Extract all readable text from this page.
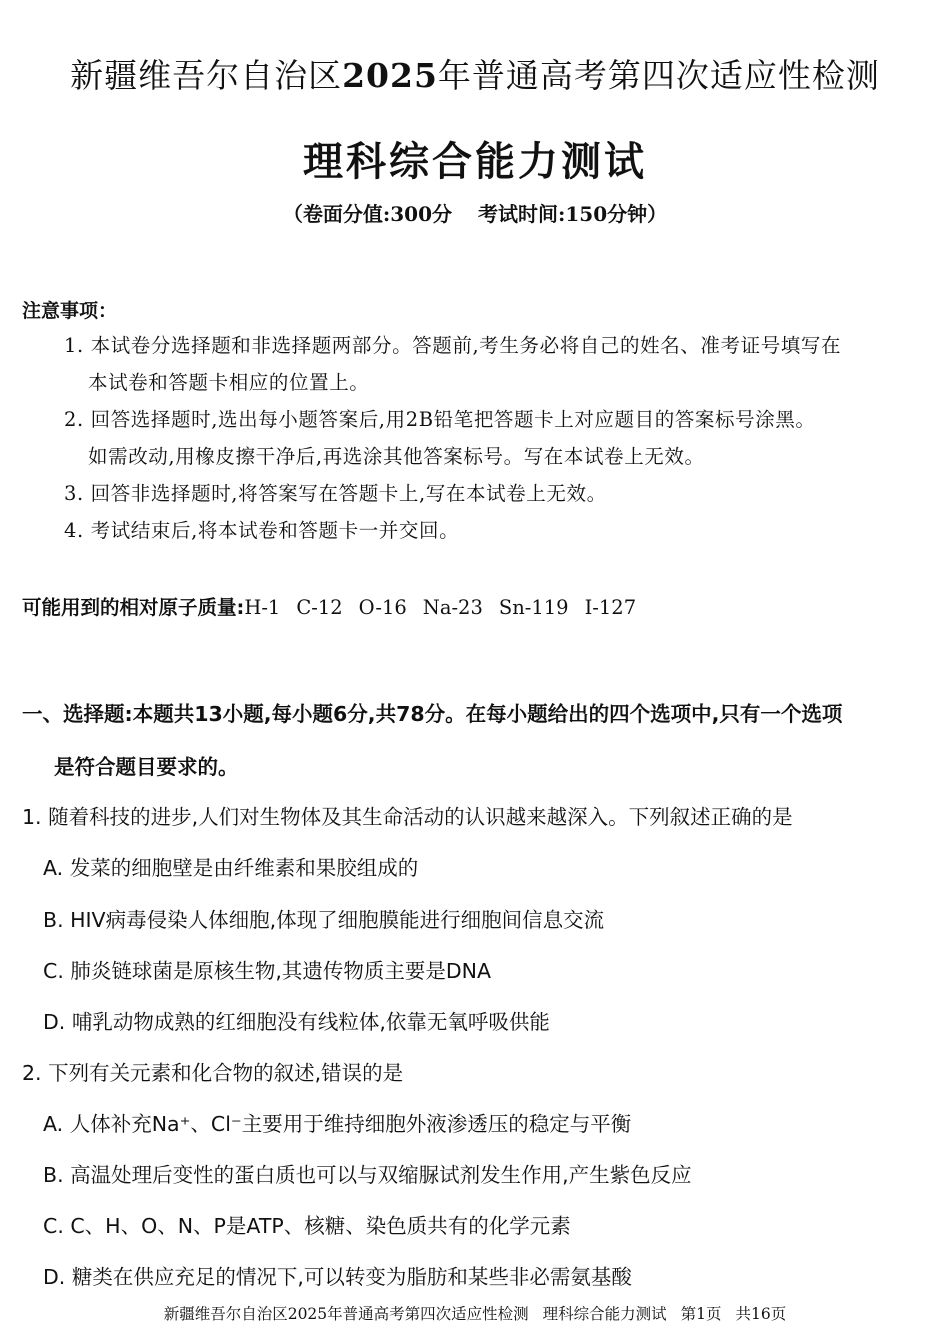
新疆维吾尔自治区2025年普通高考第四次适应性检测
理科综合能力测试
（卷面分值:300分 考试时间:150分钟）
注意事项：
1. 本试卷分选择题和非选择题两部分。答题前,考生务必将自己的姓名、准考证号填写在
本试卷和答题卡相应的位置上。
2. 回答选择题时,选出每小题答案后,用2B铅笔把答题卡上对应题目的答案标号涂黑。
如需改动,用橡皮擦干净后,再选涂其他答案标号。写在本试卷上无效。
3. 回答非选择题时,将答案写在答题卡上,写在本试卷上无效。
4. 考试结束后,将本试卷和答题卡一并交回。
可能用到的相对原子质量:H-1 C-12 O-16 Na-23 Sn-119 I-127
一、选择题:本题共13小题,每小题6分,共78分。在每小题给出的四个选项中,只有一个选项
是符合题目要求的。
1. 随着科技的进步,人们对生物体及其生命活动的认识越来越深入。下列叙述正确的是
A. 发菜的细胞壁是由纤维素和果胶组成的
B. HIV病毒侵染人体细胞,体现了细胞膜能进行细胞间信息交流
C. 肺炎链球菌是原核生物,其遗传物质主要是DNA
D. 哺乳动物成熟的红细胞没有线粒体,依靠无氧呼吸供能
2. 下列有关元素和化合物的叙述,错误的是
A. 人体补充Na⁺、Cl⁻主要用于维持细胞外液渗透压的稳定与平衡
B. 高温处理后变性的蛋白质也可以与双缩脲试剂发生作用,产生紫色反应
C. C、H、O、N、P是ATP、核糖、染色质共有的化学元素
D. 糖类在供应充足的情况下,可以转变为脂肪和某些非必需氨基酸
新疆维吾尔自治区2025年普通高考第四次适应性检测 理科综合能力测试 第1页 共16页
